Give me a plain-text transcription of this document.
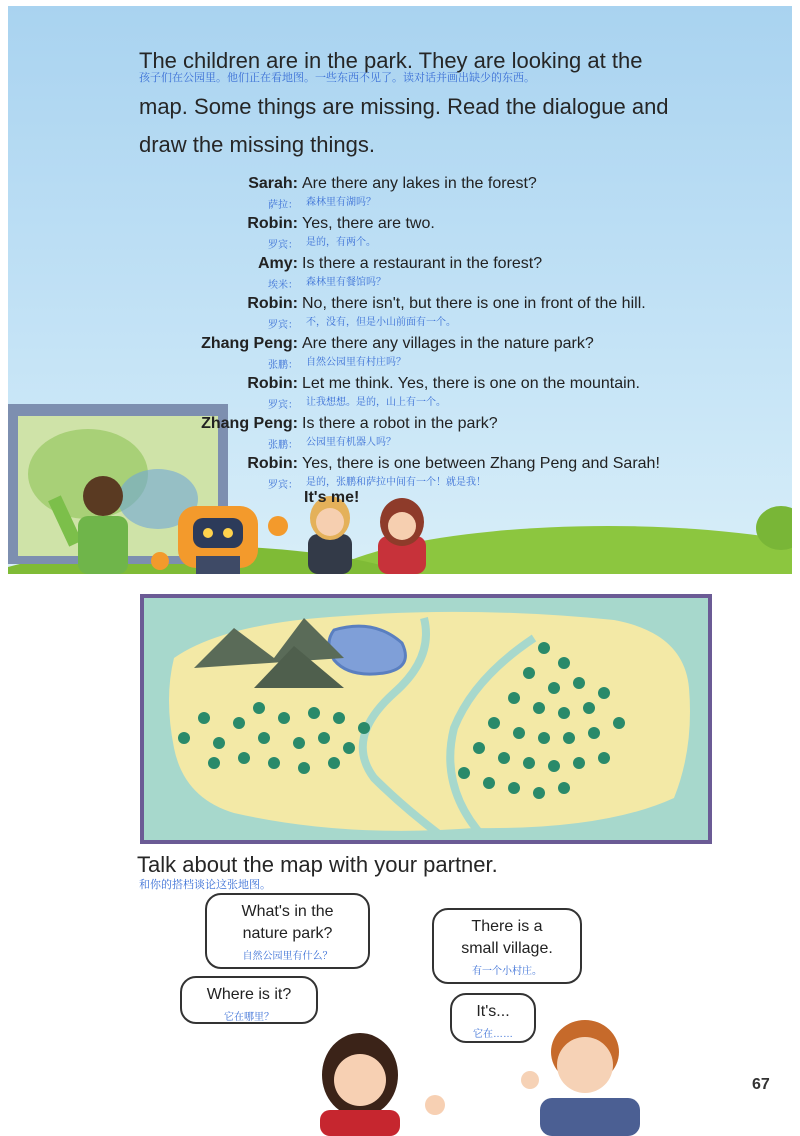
The children are in the park. They are looking at the

孩子们在公园里。他们正在看地图。一些东西不见了。读对话并画出缺少的东西。

map. Some things are missing. Read the dialogue and

draw the missing things.

Sarah: Are there any lakes in the forest?
萨拉： 森林里有湖吗？
Robin: Yes, there are two.
罗宾： 是的，有两个。
Amy: Is there a restaurant in the forest?
埃米： 森林里有餐馆吗？
Robin: No, there isn't, but there is one in front of the hill.
罗宾： 不，没有，但是小山前面有一个。
Zhang Peng: Are there any villages in the nature park?
张鹏： 自然公园里有村庄吗？
Robin: Let me think. Yes, there is one on the mountain.
罗宾： 让我想想。是的，山上有一个。
Zhang Peng: Is there a robot in the park?
张鹏： 公园里有机器人吗？
Robin: Yes, there is one between Zhang Peng and Sarah!
罗宾： 是的，张鹏和萨拉中间有一个！就是我！
It's me!

Talk about the map with your partner.

和你的搭档谈论这张地图。

What's in the
nature park?
自然公园里有什么？
Where is it?
它在哪里？
There is a
small village.
有一个小村庄。
It's...
它在……
67
